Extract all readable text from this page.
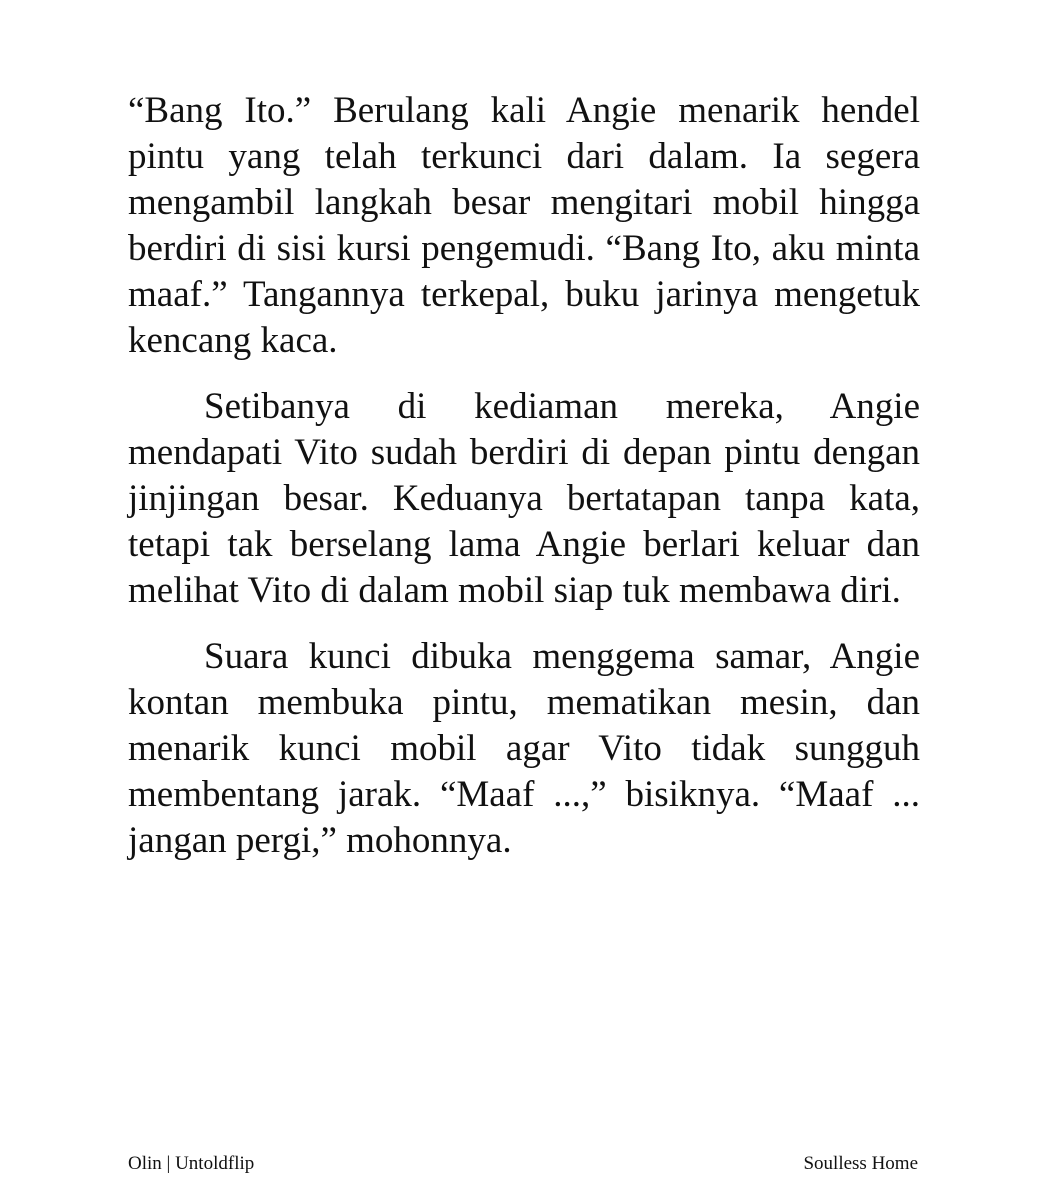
“Bang Ito.” Berulang kali Angie menarik hendel pintu yang telah terkunci dari dalam. Ia segera mengambil langkah besar mengitari mobil hingga berdiri di sisi kursi pengemudi. “Bang Ito, aku minta maaf.” Tangannya terkepal, buku jarinya mengetuk kencang kaca.

Setibanya di kediaman mereka, Angie mendapati Vito sudah berdiri di depan pintu dengan jinjingan besar. Keduanya bertatapan tanpa kata, tetapi tak berselang lama Angie berlari keluar dan melihat Vito di dalam mobil siap tuk membawa diri.

Suara kunci dibuka menggema samar, Angie kontan membuka pintu, mematikan mesin, dan menarik kunci mobil agar Vito tidak sungguh membentang jarak. “Maaf ...,” bisiknya. “Maaf ... jangan pergi,” mohonnya.

Olin | Untoldflip	Soulless Home
